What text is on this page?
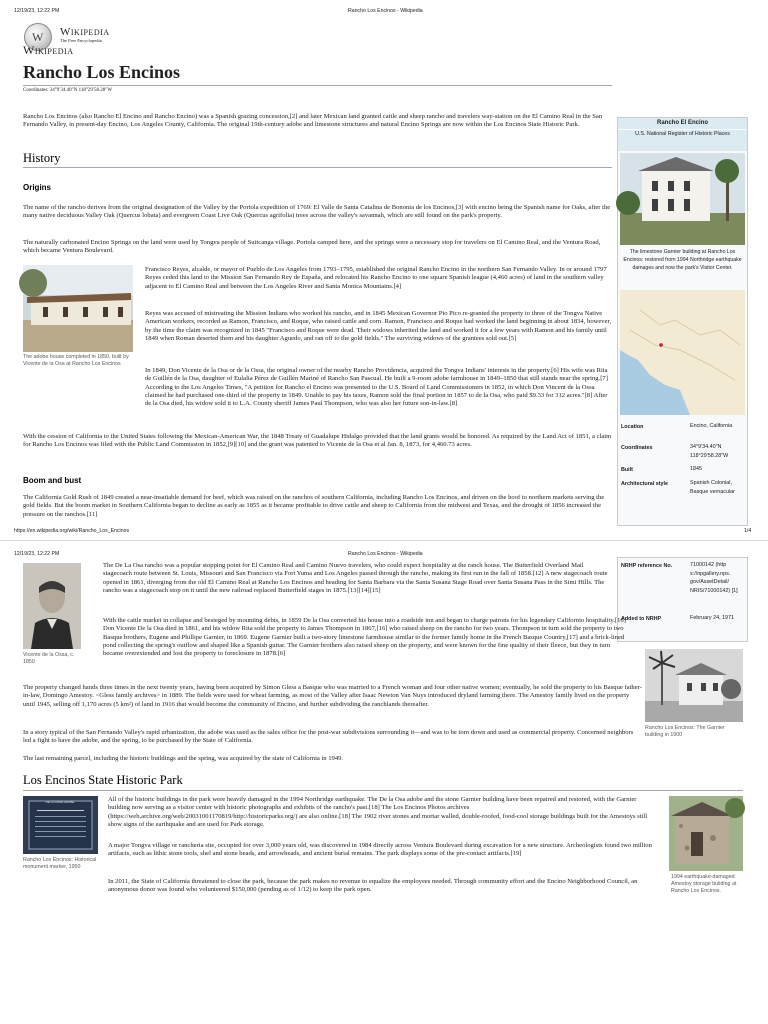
12/19/23, 12:22 PM	Rancho Los Encinos - Wikipedia
W Wikipedia
The Free Encyclopedia
Wikipedia
Rancho Los Encinos
Coordinates: 34°9′34.40″N 118°29′58.28″W
Rancho Los Encinos (also Rancho El Encino and Rancho Encino) was a Spanish grazing concession,[2] and later Mexican land granted cattle and sheep rancho and travelers way-station on the El Camino Real in the San Fernando Valley, in present-day Encino, Los Angeles County, California. The original 19th-century adobe and limestone structures and natural Encino Springs are now within the Los Encinos State Historic Park.
History
Origins
The name of the rancho derives from the original designation of the Valley by the Portola expedition of 1769: El Valle de Santa Catalina de Bononia de los Encinos,[3] with encino being the Spanish name for Oaks, after the many native deciduous Valley Oak (Quercus lobata) and evergreen Coast Live Oak (Quercus agrifolia) trees across the valley's savannah, which are still found on the park's property.
The naturally carbonated Encino Springs on the land were used by Tongva people of Suitcanga village. Portola camped here, and the springs were a necessary stop for travelers on El Camino Real, and the Ventura Road, which became Ventura Boulevard.
The adobe house completed in 1850, built by Vicente de la Osa at Rancho Los Encinos
Francisco Reyes, alcalde, or mayor of Pueblo de Los Angeles from 1793–1795, established the original Rancho Encino in the northern San Fernando Valley. In or around 1797 Reyes ceded this land to the Mission San Fernando Rey de España, and relocated his Rancho Encino to one square Spanish league (4,460 acres) of land in the southern valley adjacent to El Camino Real and between the Los Angeles River and Santa Monica Mountains.[4]
Reyes was accused of mistreating the Mission Indians who worked his rancho, and in 1845 Mexican Governor Pio Pico re-granted the property to three of the Tongva Native American workers, recorded as Ramon, Francisco, and Roque, who raised cattle and corn. Ramon, Francisco and Roque had worked the land beginning in about 1834, however, by the time the claim was recognized in 1845 "Francisco and Roque were dead. Their widows inherited the land and worked it for a few years with Ramon and his family until 1849 when Roman deserted them and his daughter Aguedo, and ran off to the gold fields." The surviving widows of the grantees sold out.[5]
In 1849, Don Vicente de la Osa or de la Ossa, the original owner of the nearby Rancho Providencia, acquired the Tongva Indians' interests in the property.[6] His wife was Rita de Guillén de la Osa, daughter of Eulalia Pérez de Guillén Mariné of Rancho San Pascual. He built a 9-room adobe farmhouse in 1849–1850 that still stands near the spring.[7] According to the Los Angeles Times, "A petition for Rancho el Encino was presented to the U.S. Board of Land Commissioners in 1852, in which Don Vincent de la Ossa claimed he had purchased one-third of the property in 1849. Unable to pay his taxes, Ramon sold the final portion in 1857 to de la Osa, who paid $9.33 for 312 acres."[8] After de la Osa died, his widow sold it to L.A. County sheriff James Paul Thompson, who was also her future son-in-law.[8]
With the cession of California to the United States following the Mexican-American War, the 1848 Treaty of Guadalupe Hidalgo provided that the land grants would be honored. As required by the Land Act of 1851, a claim for Rancho Los Encinos was filed with the Public Land Commission in 1852,[9][10] and the grant was patented to Vicente de la Osa et al Jan. 8, 1873, for 4,460.73 acres.
Boom and bust
The California Gold Rush of 1849 created a near-insatiable demand for beef, which was raised on the ranchos of southern California, including Rancho Los Encinos, and driven on the hoof to northern markets serving the gold fields. But the boom market in Southern California began to decline as early as 1855 as it became profitable to drive cattle and sheep to California from the midwest and Texas, and the drought of 1856 increased the pressure on the ranchos.[11]
Rancho El Encino
U.S. National Register of Historic Places
The limestone Garnier building at Rancho Los Encinos: restored from 1994 Northridge earthquake damages and now the park's Visitor Center.
Location	Encino, California
Coordinates	34°9′34.40″N 118°29′58.28″W
Built	1845
Architectural style	Spanish Colonial, Basque vernacular
https://en.wikipedia.org/wiki/Rancho_Los_Encinos	1/4
12/19/23, 12:22 PM	Rancho Los Encinos - Wikipedia
NRHP reference No.	71000142 (http s://npgallery.nps. gov/AssetDetail/ NRIS/71000142) [1]
Added to NRHP	February 24, 1971
Vicente de la Ossa, c. 1850
The De La Osa rancho was a popular stopping point for El Camino Real and Camino Nuevo travelers, who could expect hospitality at the ranch house. The Butterfield Overland Mail stagecoach route between St. Louis, Missouri and San Francisco via Fort Yuma and Los Angeles passed through the rancho, making its first run in the fall of 1858.[12] A new stagecoach route opened in 1861, diverging from the old El Camino Real at Rancho Los Encinos and heading for Santa Barbara via the Santa Susana Stage Road over Santa Susana Pass in the Simi Hills. The rancho was a stagecoach stop on it until the new railroad replaced Butterfield stages in 1875.[13][14][15]
With the cattle market in collapse and besieged by mounting debts, in 1859 De la Osa converted his house into a roadside inn and began to charge patrons for his legendary Californio hospitality.[16] Don Vicente De la Osa died in 1861, and his widow Rita sold the property to James Thompson in 1867,[16] who raised sheep on the rancho for two years. Thompson in turn sold the property to two Basque brothers, Eugene and Phillipe Garnier, in 1869. Eugene Garnier built a two-story limestone farmhouse similar to the former family home in the French Basque Country,[17] and a brick-lined pond collecting the spring's outflow and shaped like a Spanish guitar. The Garnier brothers also raised sheep on the property, and were known for the fine quality of their fleece, but they in turn became overextended and lost the property to foreclosure in 1878.[6]
Rancho Los Encinos: The Garnier building in 1900
The property changed hands three times in the next twenty years, having been acquired by Simon Gless a Basque who was married to a French woman and four other native women; eventually, he sold the property to his Basque father-in-law, Domingo Amestoy. <Gless family archives> in 1889. The fields were used for wheat farming, as most of the Valley after Isaac Newton Van Nuys introduced dryland farming there. The Amestoy family lived on the property until 1945, selling off 1,170 acres (5 km²) of land in 1916 that would become the community of Encino, and further subdividing the ranchlands thereafter.
In a story typical of the San Fernando Valley's rapid urbanization, the adobe was used as the sales office for the post-war subdivisions surrounding it—and was to be torn down and used as commercial property. Concerned neighbors led a fight to have the adobe, and the spring, to be purchased by the State of California.
The last remaining parcel, including the historic buildings and the spring, was acquired by the state of California in 1949.
Los Encinos State Historic Park
DE LA OSSA ADOBE
Rancho Los Encinos: Historical monument marker, 1950
All of the historic buildings in the park were heavily damaged in the 1994 Northridge earthquake. The De la Osa adobe and the stone Garnier building have been repaired and restored, with the Garnier building now serving as a visitor center with historic photographs and exhibits of the rancho's past.[18] The Los Encinos Photos archives (https://web.archive.org/web/20031001170819/http://historicparks.org/) are also online.[18] The 1902 river stones and mortar walled, double-roofed, food-cool storage buildings built for the Amestoys still show signs of the earthquake and are used for Park storage.
A major Tongva village or rancheria site, occupied for over 3,000 years old, was discovered in 1984 directly across Ventura Boulevard during excavation for a new structure. Archeologists found two million artifacts, such as lithic stone tools, shel and stone beads, and arrowheads, and ancient burial remains. The park displays some of the pre-contact artifacts.[19]
In 2011, the State of California threatened to close the park, because the park makes no revenue to equalize the employees needed. Through community effort and the Encino Neighborhood Council, an anonymous donor was found who volunteered $150,000 (pending as of 1/12) to keep the park open.
1994 earthquake-damaged Amestoy storage building at Rancho Los Encinos.
